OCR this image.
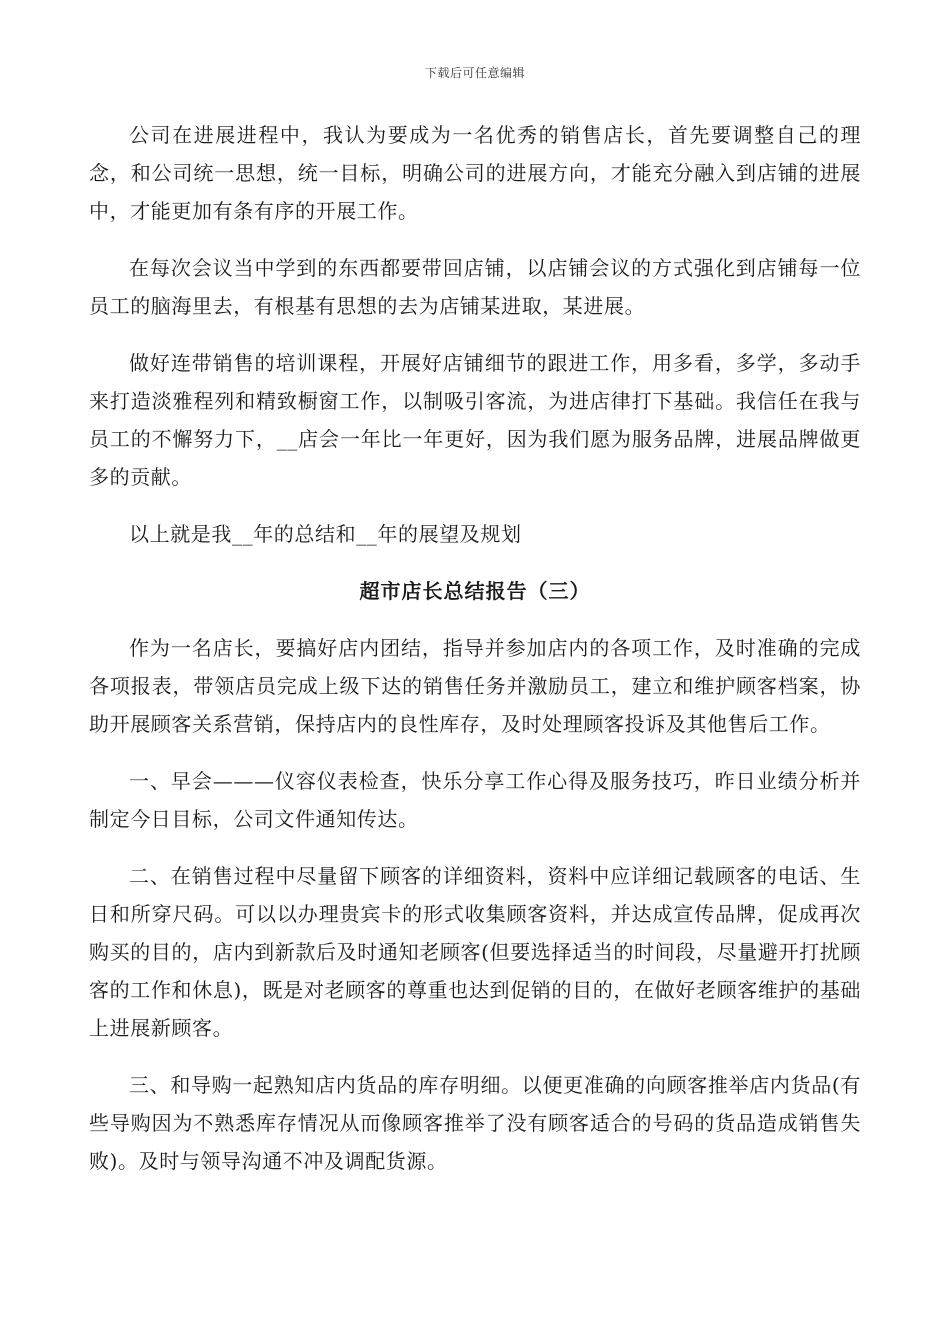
下载后可任意编辑

公司在进展进程中，我认为要成为一名优秀的销售店长，首先要调整自己的理念，和公司统一思想，统一目标，明确公司的进展方向，才能充分融入到店铺的进展中，才能更加有条有序的开展工作。

在每次会议当中学到的东西都要带回店铺，以店铺会议的方式强化到店铺每一位员工的脑海里去，有根基有思想的去为店铺某进取，某进展。

做好连带销售的培训课程，开展好店铺细节的跟进工作，用多看，多学，多动手来打造淡雅程列和精致橱窗工作，以制吸引客流，为进店律打下基础。我信任在我与员工的不懈努力下，__店会一年比一年更好，因为我们愿为服务品牌，进展品牌做更多的贡献。

以上就是我__年的总结和__年的展望及规划

超市店长总结报告（三）

作为一名店长，要搞好店内团结，指导并参加店内的各项工作，及时准确的完成各项报表，带领店员完成上级下达的销售任务并激励员工，建立和维护顾客档案，协助开展顾客关系营销，保持店内的良性库存，及时处理顾客投诉及其他售后工作。

一、早会———仪容仪表检查，快乐分享工作心得及服务技巧，昨日业绩分析并制定今日目标，公司文件通知传达。

二、在销售过程中尽量留下顾客的详细资料，资料中应详细记载顾客的电话、生日和所穿尺码。可以以办理贵宾卡的形式收集顾客资料，并达成宣传品牌，促成再次购买的目的，店内到新款后及时通知老顾客(但要选择适当的时间段，尽量避开打扰顾客的工作和休息)，既是对老顾客的尊重也达到促销的目的，在做好老顾客维护的基础上进展新顾客。

三、和导购一起熟知店内货品的库存明细。以便更准确的向顾客推举店内货品(有些导购因为不熟悉库存情况从而像顾客推举了没有顾客适合的号码的货品造成销售失败)。及时与领导沟通不冲及调配货源。
